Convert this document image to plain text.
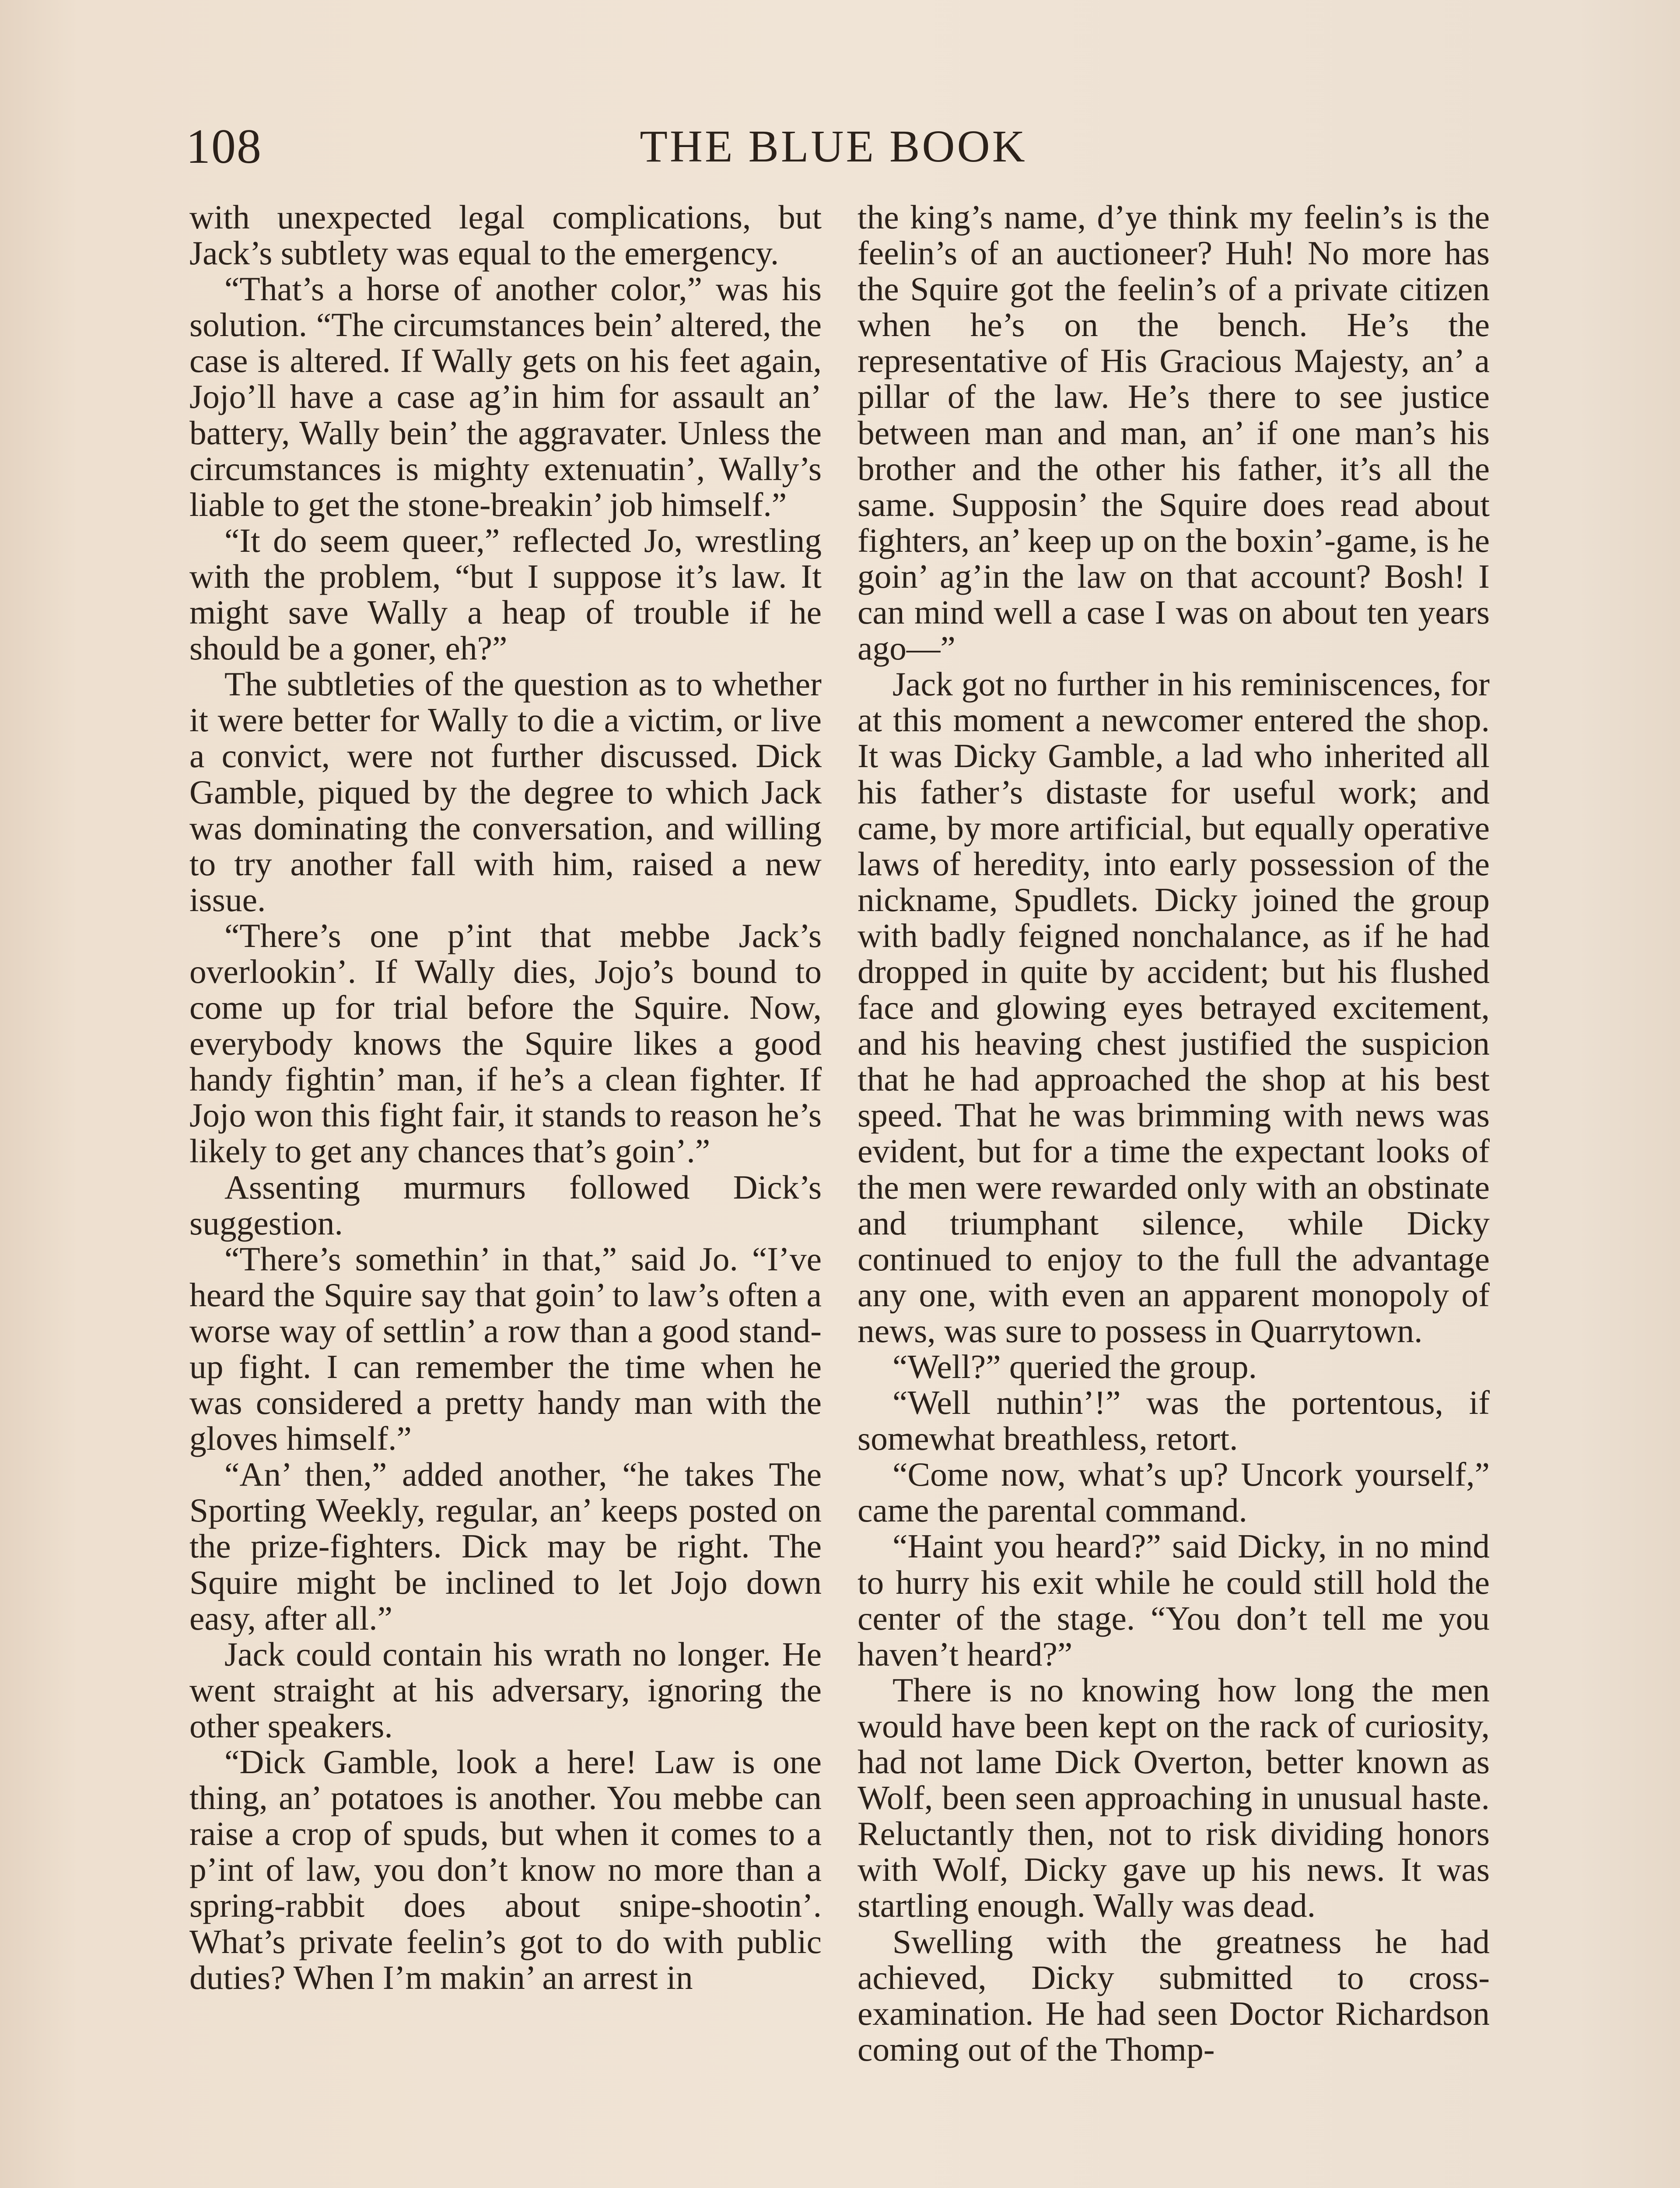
108	THE BLUE BOOK

with unexpected legal complications, but Jack’s subtlety was equal to the emergency.

“That’s a horse of another color,” was his solution. “The circumstances bein’ altered, the case is altered. If Wally gets on his feet again, Jojo’ll have a case ag’in him for assault an’ battery, Wally bein’ the aggravater. Unless the circumstances is mighty extenuatin’, Wally’s liable to get the stone-breakin’ job himself.”

“It do seem queer,” reflected Jo, wrestling with the problem, “but I suppose it’s law. It might save Wally a heap of trouble if he should be a goner, eh?”

The subtleties of the question as to whether it were better for Wally to die a victim, or live a convict, were not further discussed. Dick Gamble, piqued by the degree to which Jack was dominating the conversation, and willing to try another fall with him, raised a new issue.

“There’s one p’int that mebbe Jack’s overlookin’. If Wally dies, Jojo’s bound to come up for trial before the Squire. Now, everybody knows the Squire likes a good handy fightin’ man, if he’s a clean fighter. If Jojo won this fight fair, it stands to reason he’s likely to get any chances that’s goin’.”

Assenting murmurs followed Dick’s suggestion.

“There’s somethin’ in that,” said Jo. “I’ve heard the Squire say that goin’ to law’s often a worse way of settlin’ a row than a good stand-up fight. I can remember the time when he was considered a pretty handy man with the gloves himself.”

“An’ then,” added another, “he takes The Sporting Weekly, regular, an’ keeps posted on the prize-fighters. Dick may be right. The Squire might be inclined to let Jojo down easy, after all.”

Jack could contain his wrath no longer. He went straight at his adversary, ignoring the other speakers.

“Dick Gamble, look a here! Law is one thing, an’ potatoes is another. You mebbe can raise a crop of spuds, but when it comes to a p’int of law, you don’t know no more than a spring-rabbit does about snipe-shootin’. What’s private feelin’s got to do with public duties? When I’m makin’ an arrest in

the king’s name, d’ye think my feelin’s is the feelin’s of an auctioneer? Huh! No more has the Squire got the feelin’s of a private citizen when he’s on the bench. He’s the representative of His Gracious Majesty, an’ a pillar of the law. He’s there to see justice between man and man, an’ if one man’s his brother and the other his father, it’s all the same. Supposin’ the Squire does read about fighters, an’ keep up on the boxin’-game, is he goin’ ag’in the law on that account? Bosh! I can mind well a case I was on about ten years ago—”

Jack got no further in his reminiscences, for at this moment a newcomer entered the shop. It was Dicky Gamble, a lad who inherited all his father’s distaste for useful work; and came, by more artificial, but equally operative laws of heredity, into early possession of the nickname, Spudlets. Dicky joined the group with badly feigned nonchalance, as if he had dropped in quite by accident; but his flushed face and glowing eyes betrayed excitement, and his heaving chest justified the suspicion that he had approached the shop at his best speed. That he was brimming with news was evident, but for a time the expectant looks of the men were rewarded only with an obstinate and triumphant silence, while Dicky continued to enjoy to the full the advantage any one, with even an apparent monopoly of news, was sure to possess in Quarrytown.

“Well?” queried the group.

“Well nuthin’!” was the portentous, if somewhat breathless, retort.

“Come now, what’s up? Uncork yourself,” came the parental command.

“Haint you heard?” said Dicky, in no mind to hurry his exit while he could still hold the center of the stage. “You don’t tell me you haven’t heard?”

There is no knowing how long the men would have been kept on the rack of curiosity, had not lame Dick Overton, better known as Wolf, been seen approaching in unusual haste. Reluctantly then, not to risk dividing honors with Wolf, Dicky gave up his news. It was startling enough. Wally was dead.

Swelling with the greatness he had achieved, Dicky submitted to cross-examination. He had seen Doctor Richardson coming out of the Thomp-
